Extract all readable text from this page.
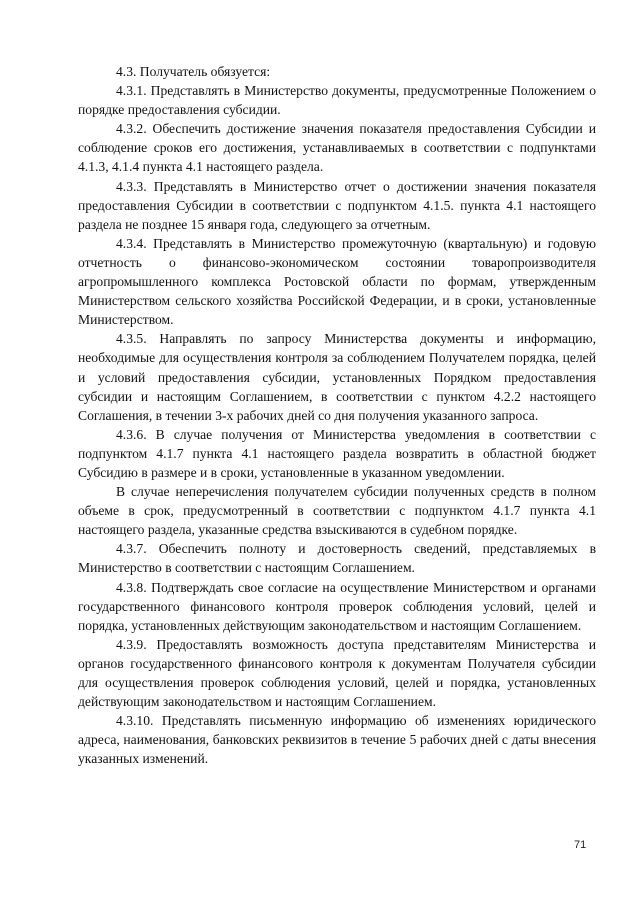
4.3. Получатель обязуется:

4.3.1. Представлять в Министерство документы, предусмотренные Положением о порядке предоставления субсидии.

4.3.2. Обеспечить достижение значения показателя предоставления Субсидии и соблюдение сроков его достижения, устанавливаемых в соответствии с подпунктами 4.1.3, 4.1.4 пункта 4.1 настоящего раздела.

4.3.3. Представлять в Министерство отчет о достижении значения показателя предоставления Субсидии в соответствии с подпунктом 4.1.5. пункта 4.1 настоящего раздела не позднее 15 января года, следующего за отчетным.

4.3.4. Представлять в Министерство промежуточную (квартальную) и годовую отчетность о финансово-экономическом состоянии товаропроизводителя агропромышленного комплекса Ростовской области по формам, утвержденным Министерством сельского хозяйства Российской Федерации, и в сроки, установленные Министерством.

4.3.5. Направлять по запросу Министерства документы и информацию, необходимые для осуществления контроля за соблюдением Получателем порядка, целей и условий предоставления субсидии, установленных Порядком предоставления субсидии и настоящим Соглашением, в соответствии с пунктом 4.2.2 настоящего Соглашения, в течении 3-х рабочих дней со дня получения указанного запроса.

4.3.6. В случае получения от Министерства уведомления в соответствии с подпунктом 4.1.7 пункта 4.1 настоящего раздела возвратить в областной бюджет Субсидию в размере и в сроки, установленные в указанном уведомлении.

В случае неперечисления получателем субсидии полученных средств в полном объеме в срок, предусмотренный в соответствии с подпунктом 4.1.7 пункта 4.1 настоящего раздела, указанные средства взыскиваются в судебном порядке.

4.3.7. Обеспечить полноту и достоверность сведений, представляемых в Министерство в соответствии с настоящим Соглашением.

4.3.8. Подтверждать свое согласие на осуществление Министерством и органами государственного финансового контроля проверок соблюдения условий, целей и порядка, установленных действующим законодательством и настоящим Соглашением.

4.3.9. Предоставлять возможность доступа представителям Министерства и органов государственного финансового контроля к документам Получателя субсидии для осуществления проверок соблюдения условий, целей и порядка, установленных действующим законодательством и настоящим Соглашением.

4.3.10. Представлять письменную информацию об изменениях юридического адреса, наименования, банковских реквизитов в течение 5 рабочих дней с даты внесения указанных изменений.

71
